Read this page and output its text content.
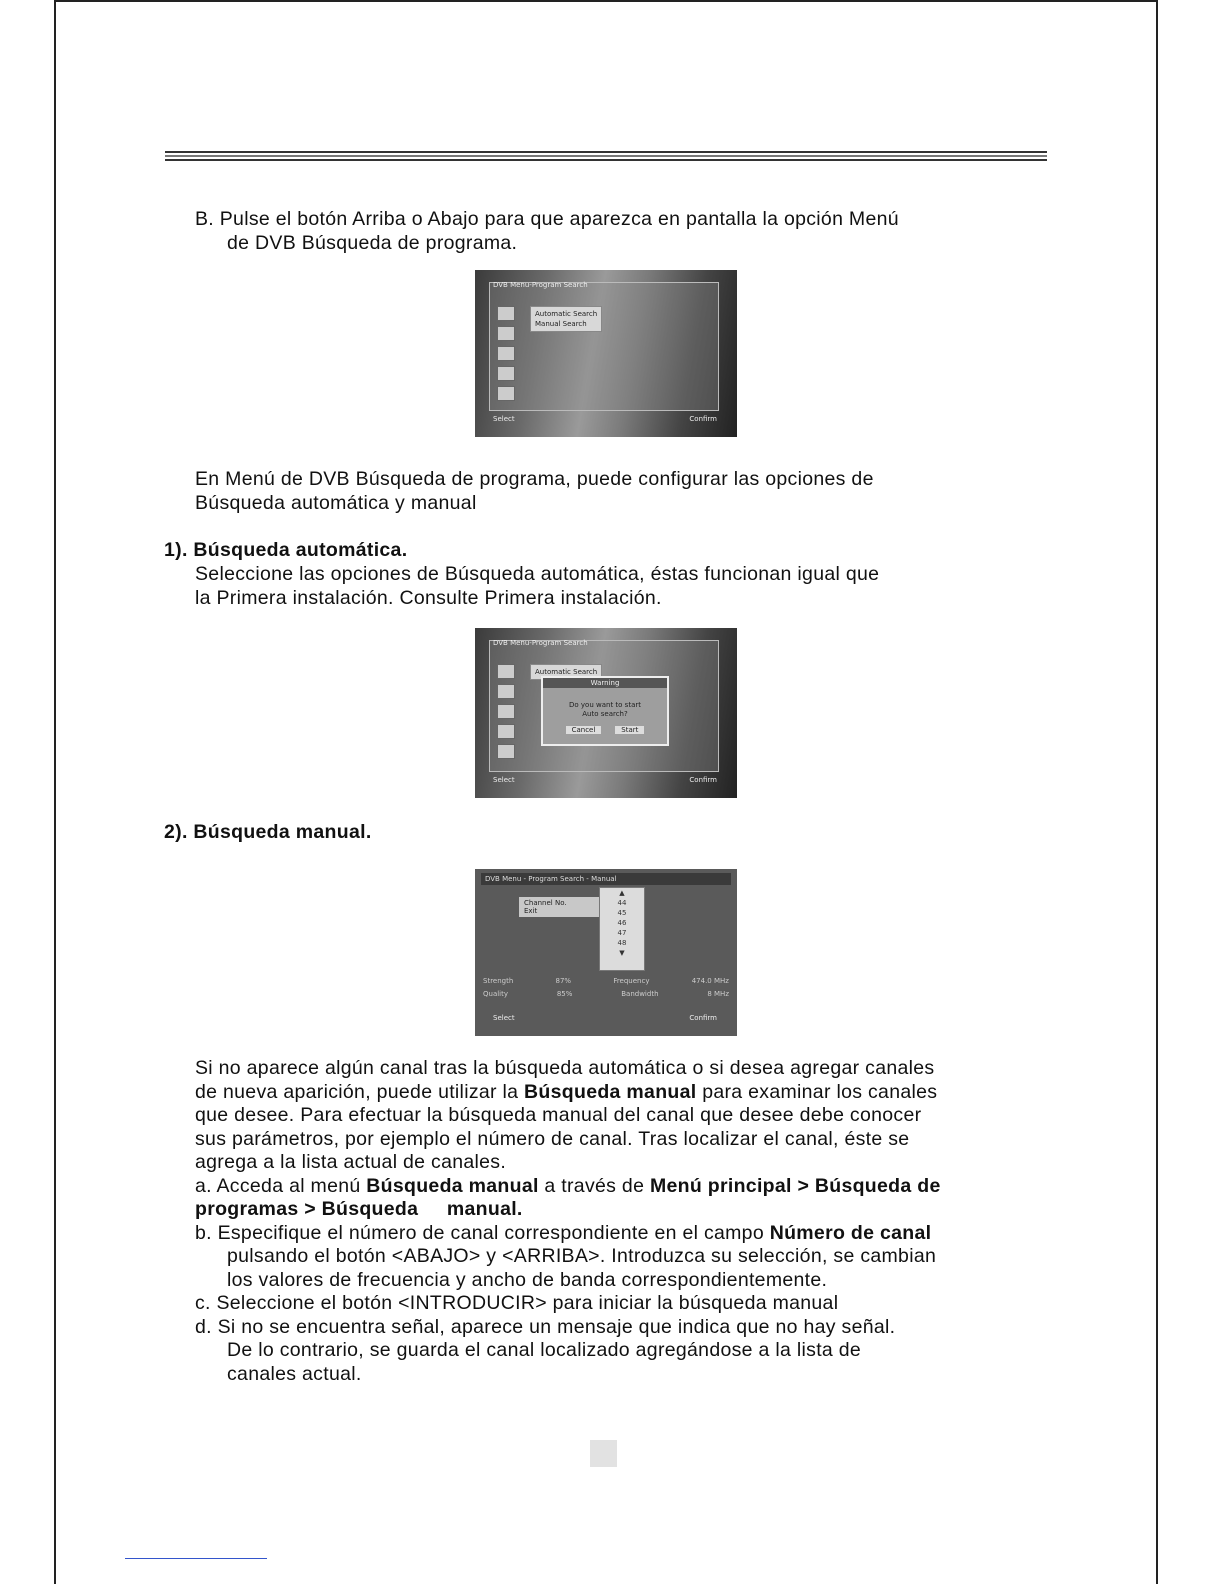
B. Pulse el botón Arriba o Abajo para que aparezca en pantalla la opción Menú
de DVB Búsqueda de programa.
DVB Menu-Program Search
Automatic Search
Manual Search
Select	Confirm
En Menú de DVB Búsqueda de programa, puede configurar las opciones de
Búsqueda automática y manual
1). Búsqueda automática.
Seleccione las opciones de Búsqueda automática, éstas funcionan igual que
la Primera instalación. Consulte Primera instalación.
DVB Menu-Program Search
Automatic Search
Warning
Do you want to start
Auto search?
Cancel	Start
Select	Confirm
2). Búsqueda manual.
DVB Menu - Program Search - Manual
Channel No.
Exit
▲
44
45
46
47
48
▼
Strength	87%	Frequency	474.0 MHz
Quality	85%	Bandwidth	8 MHz
Select	Confirm
Si no aparece algún canal tras la búsqueda automática o si desea agregar canales
de nueva aparición, puede utilizar la Búsqueda manual para examinar los canales
que desee. Para efectuar la búsqueda manual del canal que desee debe conocer
sus parámetros, por ejemplo el número de canal. Tras localizar el canal, éste se
agrega a la lista actual de canales.
a. Acceda al menú Búsqueda manual a través de Menú principal > Búsqueda de
programas > Búsqueda     manual.
b. Especifique el número de canal correspondiente en el campo Número de canal
pulsando el botón <ABAJO> y <ARRIBA>. Introduzca su selección, se cambian
los valores de frecuencia y ancho de banda correspondientemente.
c. Seleccione el botón <INTRODUCIR> para iniciar la búsqueda manual
d. Si no se encuentra señal, aparece un mensaje que indica que no hay señal.
De lo contrario, se guarda el canal localizado agregándose a la lista de
canales actual.
